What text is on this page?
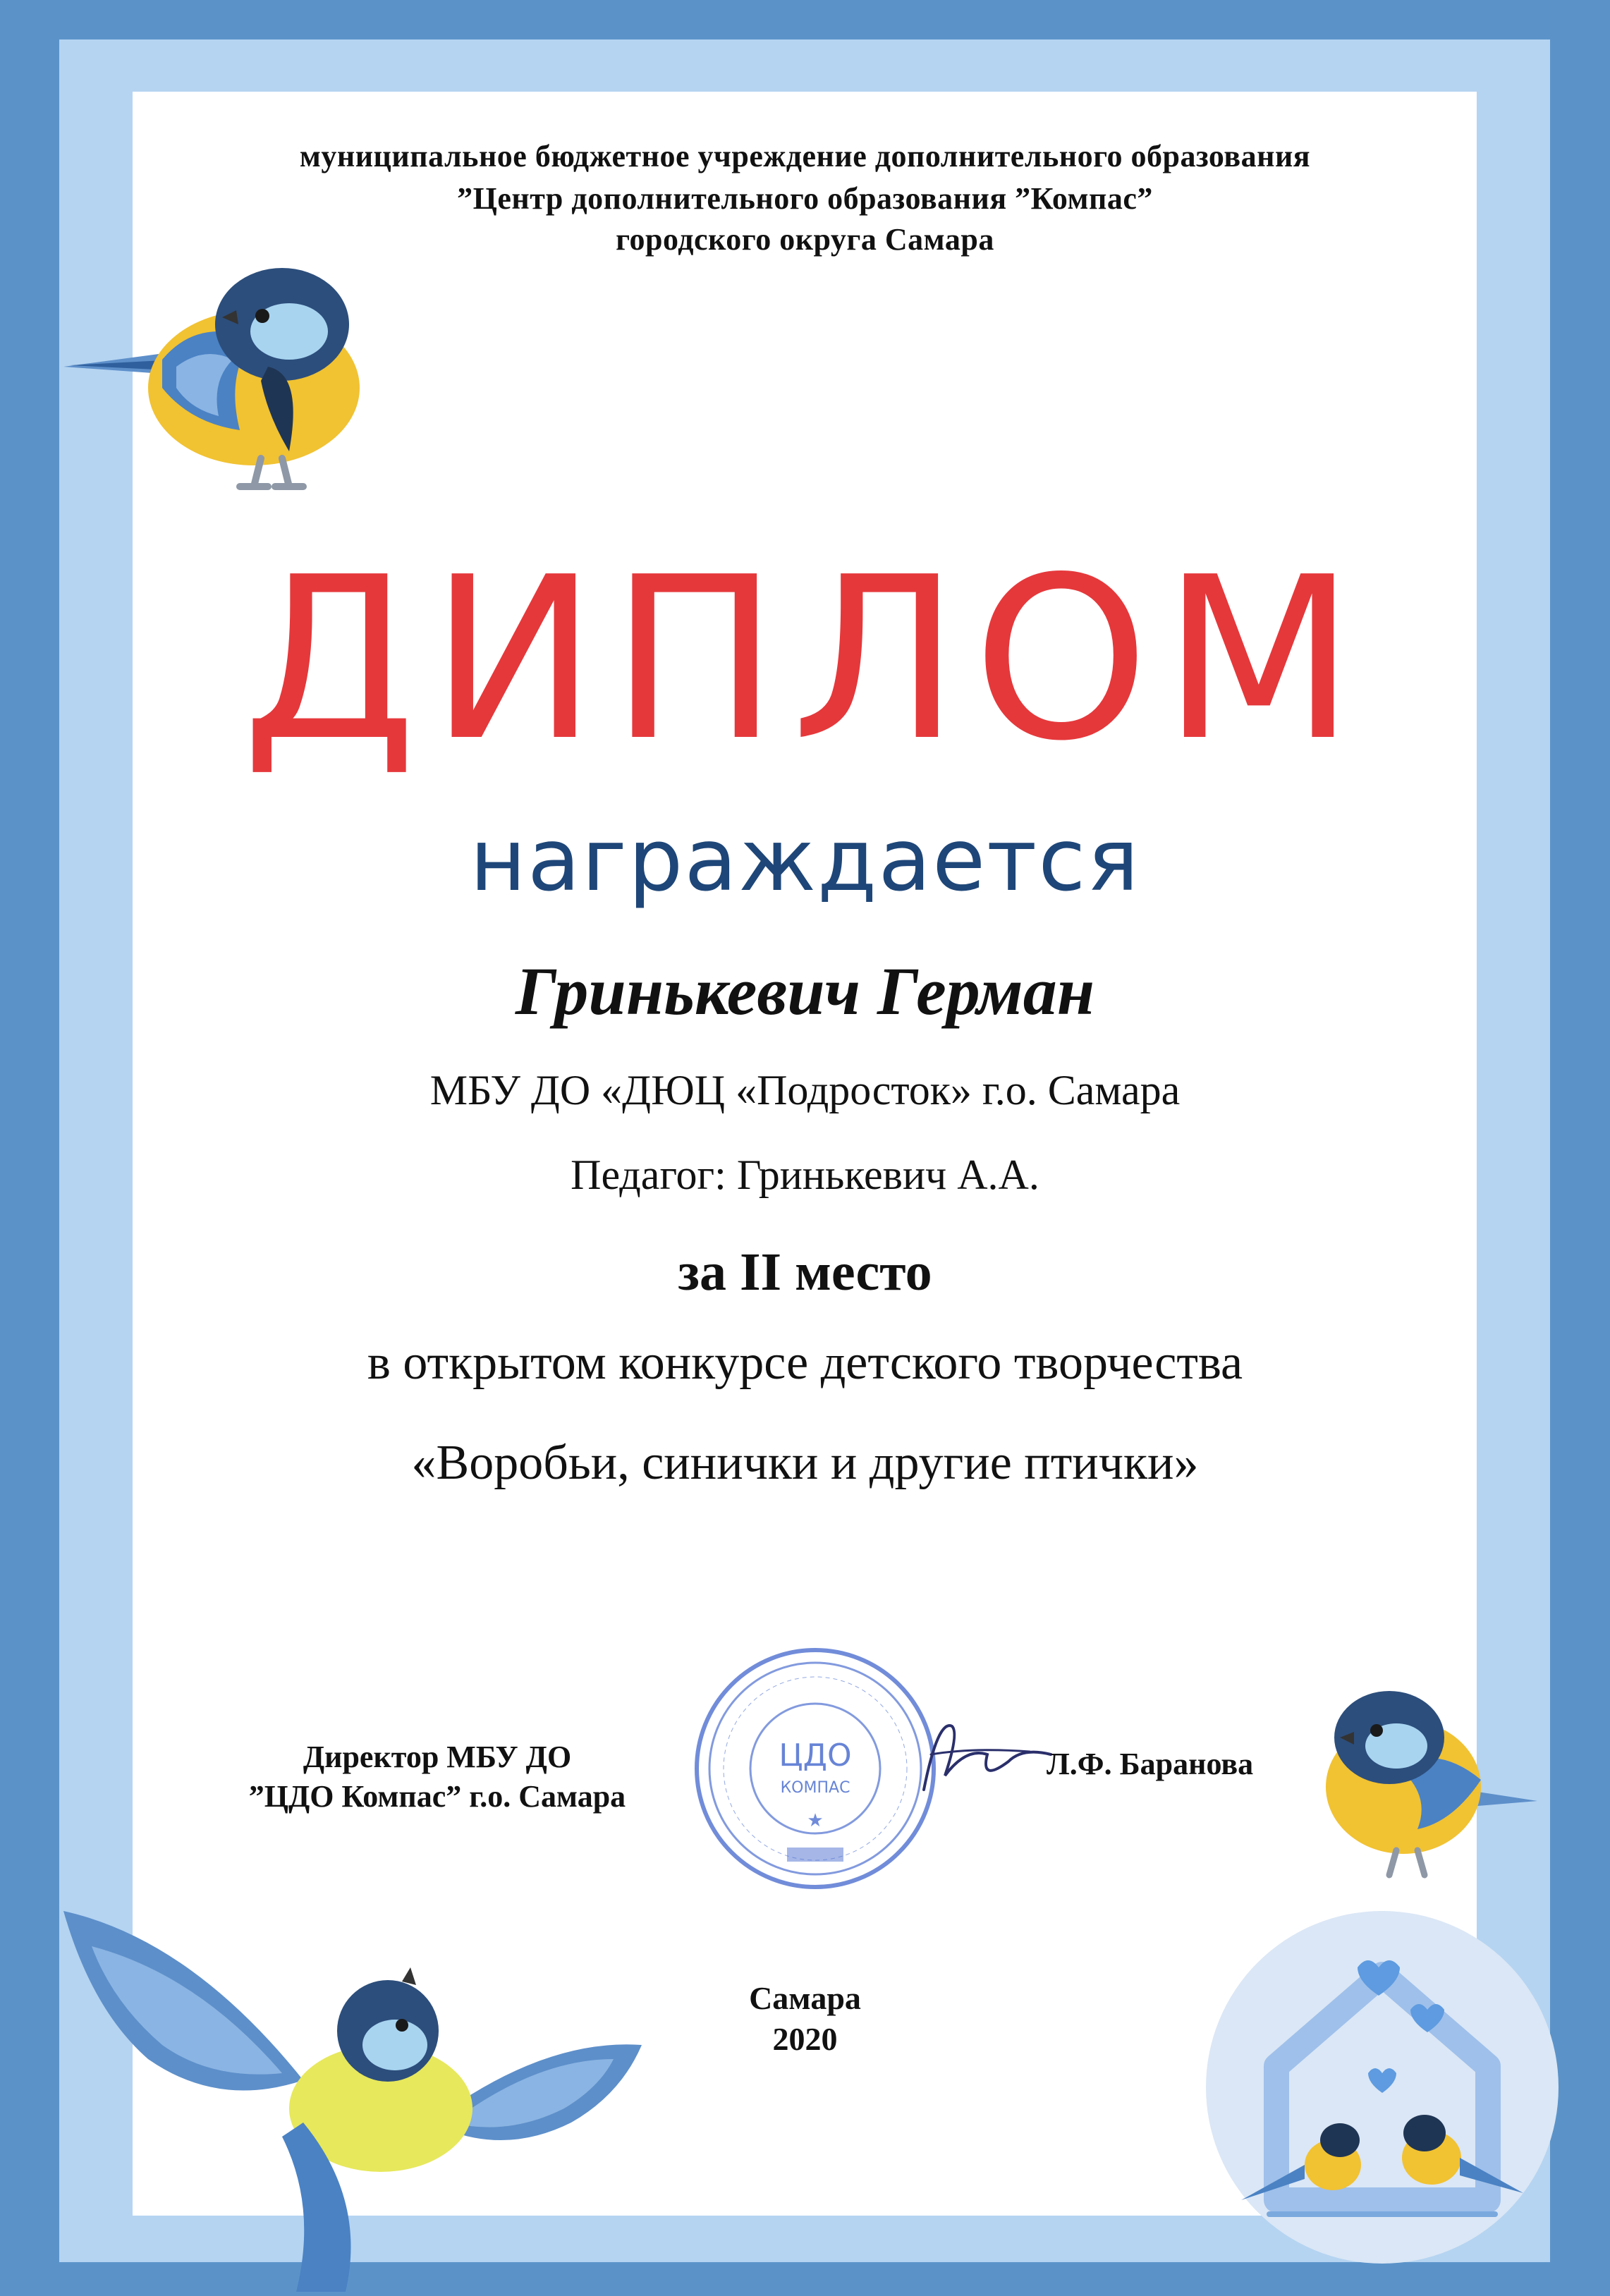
муниципальное бюджетное учреждение дополнительного образования
”Центр дополнительного образования ”Компас”
городского округа Самара
ДИПЛОМ
награждается
Гринькевич Герман
МБУ ДО «ДЮЦ «Подросток» г.о. Самара
Педагог: Гринькевич А.А.
за II место
в открытом конкурсе детского творчества
«Воробьи, синички и другие птички»
Директор МБУ ДО
”ЦДО Компас” г.о. Самара
ЦДО
КОМПАС
★
Л.Ф. Баранова
Самара
2020
